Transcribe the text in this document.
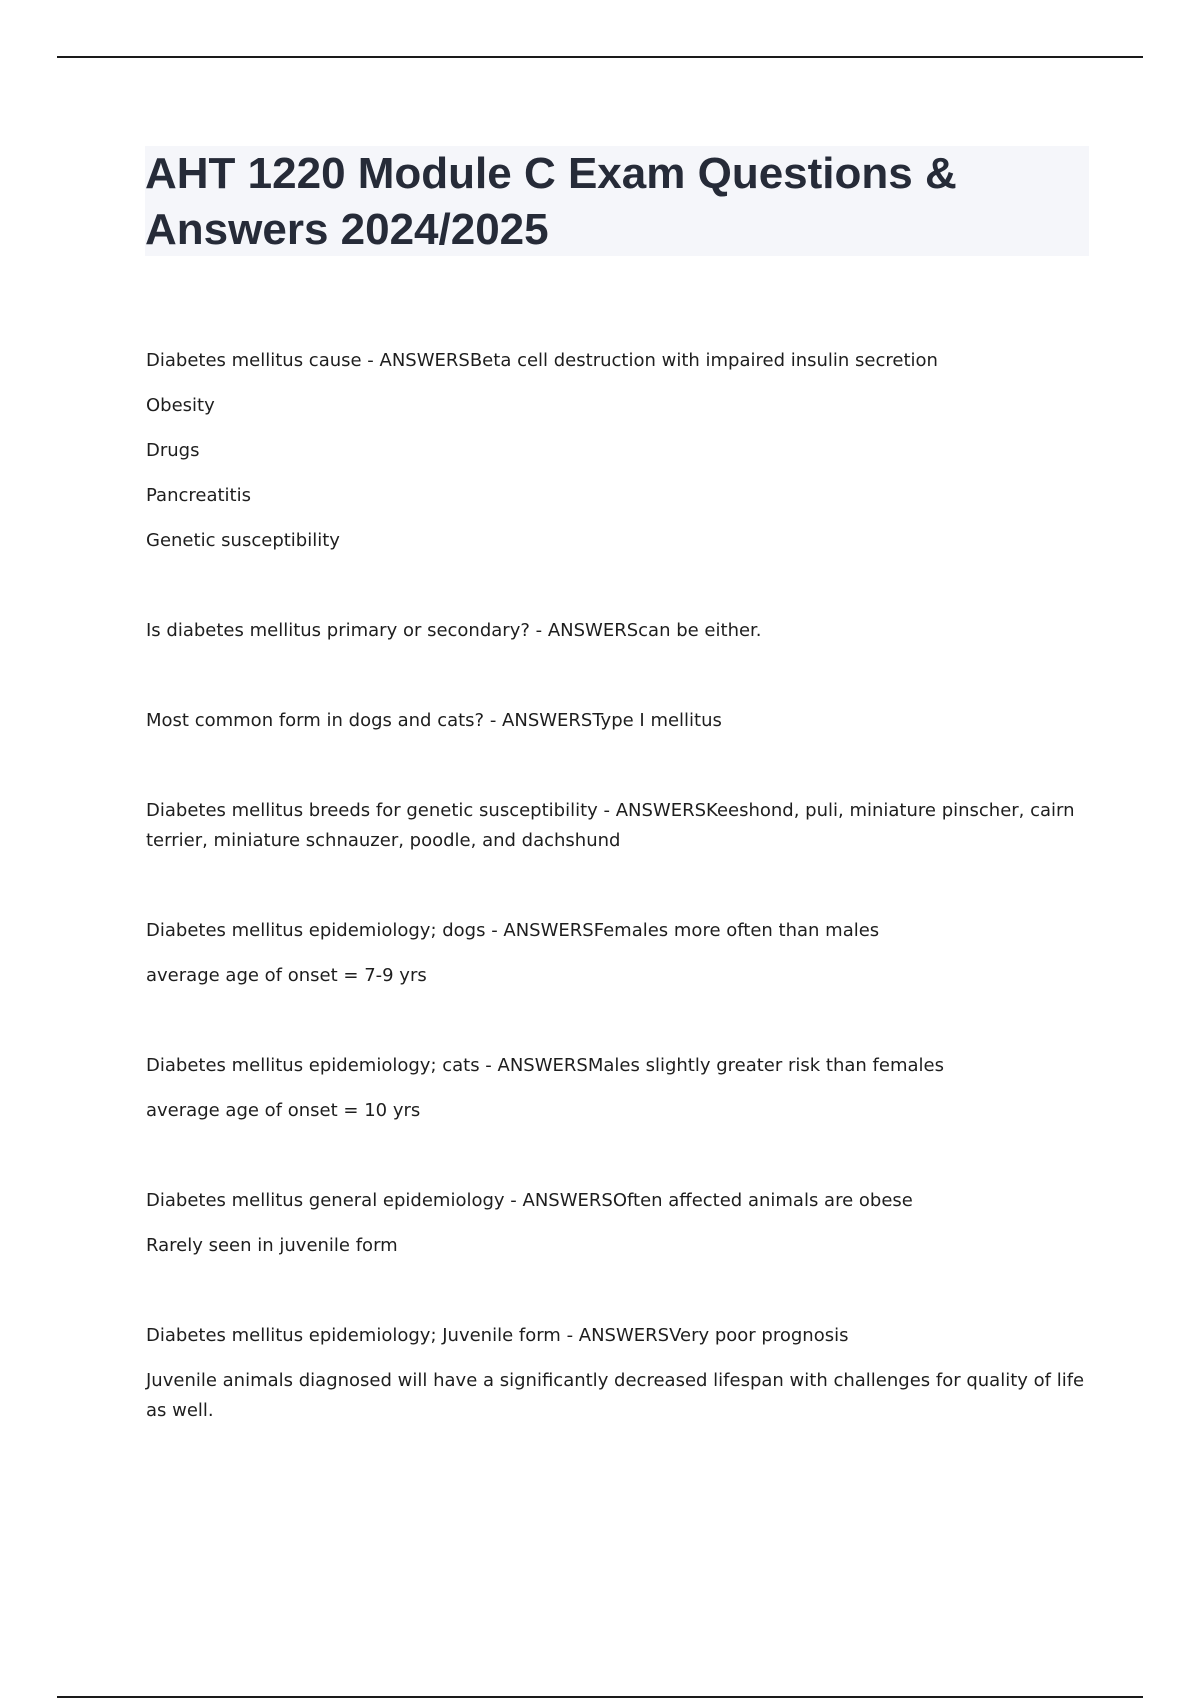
AHT 1220 Module C Exam Questions & Answers 2024/2025

Diabetes mellitus cause - ANSWERSBeta cell destruction with impaired insulin secretion

Obesity

Drugs

Pancreatitis

Genetic susceptibility

Is diabetes mellitus primary or secondary? - ANSWERScan be either.

Most common form in dogs and cats? - ANSWERSType I mellitus

Diabetes mellitus breeds for genetic susceptibility - ANSWERSKeeshond, puli, miniature pinscher, cairn terrier, miniature schnauzer, poodle, and dachshund

Diabetes mellitus epidemiology; dogs - ANSWERSFemales more often than males

average age of onset = 7-9 yrs

Diabetes mellitus epidemiology; cats - ANSWERSMales slightly greater risk than females

average age of onset = 10 yrs

Diabetes mellitus general epidemiology - ANSWERSOften affected animals are obese

Rarely seen in juvenile form

Diabetes mellitus epidemiology; Juvenile form - ANSWERSVery poor prognosis

Juvenile animals diagnosed will have a significantly decreased lifespan with challenges for quality of life as well.
